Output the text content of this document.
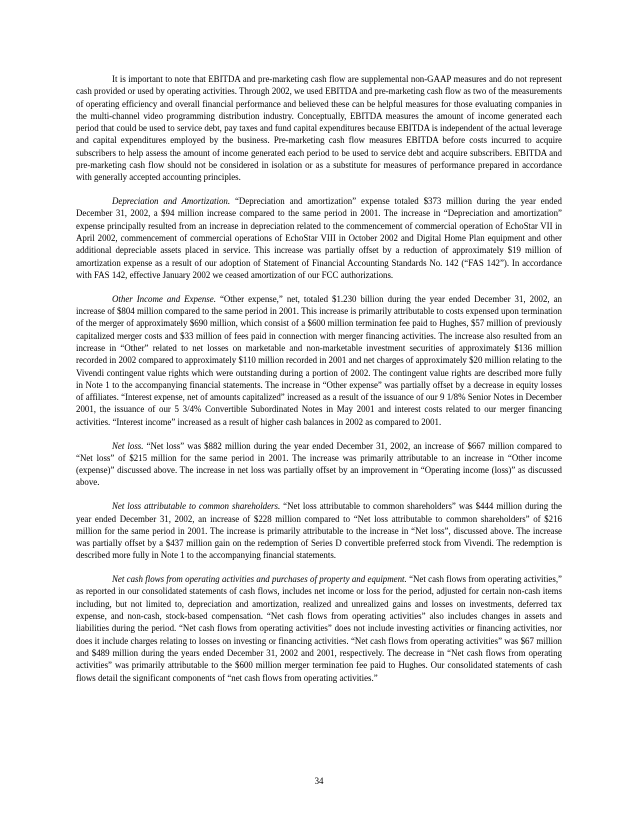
It is important to note that EBITDA and pre-marketing cash flow are supplemental non-GAAP measures and do not represent cash provided or used by operating activities. Through 2002, we used EBITDA and pre-marketing cash flow as two of the measurements of operating efficiency and overall financial performance and believed these can be helpful measures for those evaluating companies in the multi-channel video programming distribution industry. Conceptually, EBITDA measures the amount of income generated each period that could be used to service debt, pay taxes and fund capital expenditures because EBITDA is independent of the actual leverage and capital expenditures employed by the business. Pre-marketing cash flow measures EBITDA before costs incurred to acquire subscribers to help assess the amount of income generated each period to be used to service debt and acquire subscribers. EBITDA and pre-marketing cash flow should not be considered in isolation or as a substitute for measures of performance prepared in accordance with generally accepted accounting principles.

Depreciation and Amortization. “Depreciation and amortization” expense totaled $373 million during the year ended December 31, 2002, a $94 million increase compared to the same period in 2001. The increase in “Depreciation and amortization” expense principally resulted from an increase in depreciation related to the commencement of commercial operation of EchoStar VII in April 2002, commencement of commercial operations of EchoStar VIII in October 2002 and Digital Home Plan equipment and other additional depreciable assets placed in service. This increase was partially offset by a reduction of approximately $19 million of amortization expense as a result of our adoption of Statement of Financial Accounting Standards No. 142 (“FAS 142”). In accordance with FAS 142, effective January 2002 we ceased amortization of our FCC authorizations.

Other Income and Expense. “Other expense,” net, totaled $1.230 billion during the year ended December 31, 2002, an increase of $804 million compared to the same period in 2001. This increase is primarily attributable to costs expensed upon termination of the merger of approximately $690 million, which consist of a $600 million termination fee paid to Hughes, $57 million of previously capitalized merger costs and $33 million of fees paid in connection with merger financing activities. The increase also resulted from an increase in “Other” related to net losses on marketable and non-marketable investment securities of approximately $136 million recorded in 2002 compared to approximately $110 million recorded in 2001 and net charges of approximately $20 million relating to the Vivendi contingent value rights which were outstanding during a portion of 2002. The contingent value rights are described more fully in Note 1 to the accompanying financial statements. The increase in “Other expense” was partially offset by a decrease in equity losses of affiliates. “Interest expense, net of amounts capitalized” increased as a result of the issuance of our 9 1/8% Senior Notes in December 2001, the issuance of our 5 3/4% Convertible Subordinated Notes in May 2001 and interest costs related to our merger financing activities. “Interest income” increased as a result of higher cash balances in 2002 as compared to 2001.

Net loss. “Net loss” was $882 million during the year ended December 31, 2002, an increase of $667 million compared to “Net loss” of $215 million for the same period in 2001. The increase was primarily attributable to an increase in “Other income (expense)” discussed above. The increase in net loss was partially offset by an improvement in “Operating income (loss)” as discussed above.

Net loss attributable to common shareholders. “Net loss attributable to common shareholders” was $444 million during the year ended December 31, 2002, an increase of $228 million compared to “Net loss attributable to common shareholders” of $216 million for the same period in 2001. The increase is primarily attributable to the increase in “Net loss”, discussed above. The increase was partially offset by a $437 million gain on the redemption of Series D convertible preferred stock from Vivendi. The redemption is described more fully in Note 1 to the accompanying financial statements.

Net cash flows from operating activities and purchases of property and equipment. “Net cash flows from operating activities,” as reported in our consolidated statements of cash flows, includes net income or loss for the period, adjusted for certain non-cash items including, but not limited to, depreciation and amortization, realized and unrealized gains and losses on investments, deferred tax expense, and non-cash, stock-based compensation. “Net cash flows from operating activities” also includes changes in assets and liabilities during the period. “Net cash flows from operating activities” does not include investing activities or financing activities, nor does it include charges relating to losses on investing or financing activities. “Net cash flows from operating activities” was $67 million and $489 million during the years ended December 31, 2002 and 2001, respectively. The decrease in “Net cash flows from operating activities” was primarily attributable to the $600 million merger termination fee paid to Hughes. Our consolidated statements of cash flows detail the significant components of “net cash flows from operating activities.”

34
